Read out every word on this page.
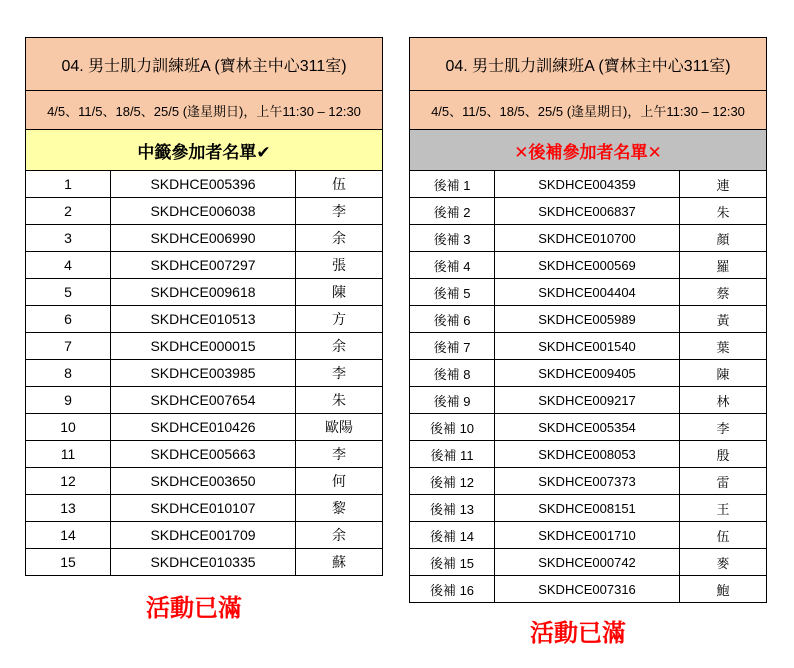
04. 男士肌力訓練班A (寶林主中心311室)		
4/5、11/5、18/5、25/5 (逢星期日)，上午11:30 – 12:30		
中籤參加者名單✔		
1	SKDHCE005396	伍
2	SKDHCE006038	李
3	SKDHCE006990	余
4	SKDHCE007297	張
5	SKDHCE009618	陳
6	SKDHCE010513	方
7	SKDHCE000015	余
8	SKDHCE003985	李
9	SKDHCE007654	朱
10	SKDHCE010426	歐陽
11	SKDHCE005663	李
12	SKDHCE003650	何
13	SKDHCE010107	黎
14	SKDHCE001709	余
15	SKDHCE010335	蘇
04. 男士肌力訓練班A (寶林主中心311室)		
4/5、11/5、18/5、25/5 (逢星期日)，上午11:30 – 12:30		
✕後補參加者名單✕		
後補 1	SKDHCE004359	連
後補 2	SKDHCE006837	朱
後補 3	SKDHCE010700	顏
後補 4	SKDHCE000569	羅
後補 5	SKDHCE004404	蔡
後補 6	SKDHCE005989	黃
後補 7	SKDHCE001540	葉
後補 8	SKDHCE009405	陳
後補 9	SKDHCE009217	林
後補 10	SKDHCE005354	李
後補 11	SKDHCE008053	殷
後補 12	SKDHCE007373	雷
後補 13	SKDHCE008151	王
後補 14	SKDHCE001710	伍
後補 15	SKDHCE000742	麥
後補 16	SKDHCE007316	鮑
活動已滿
活動已滿
